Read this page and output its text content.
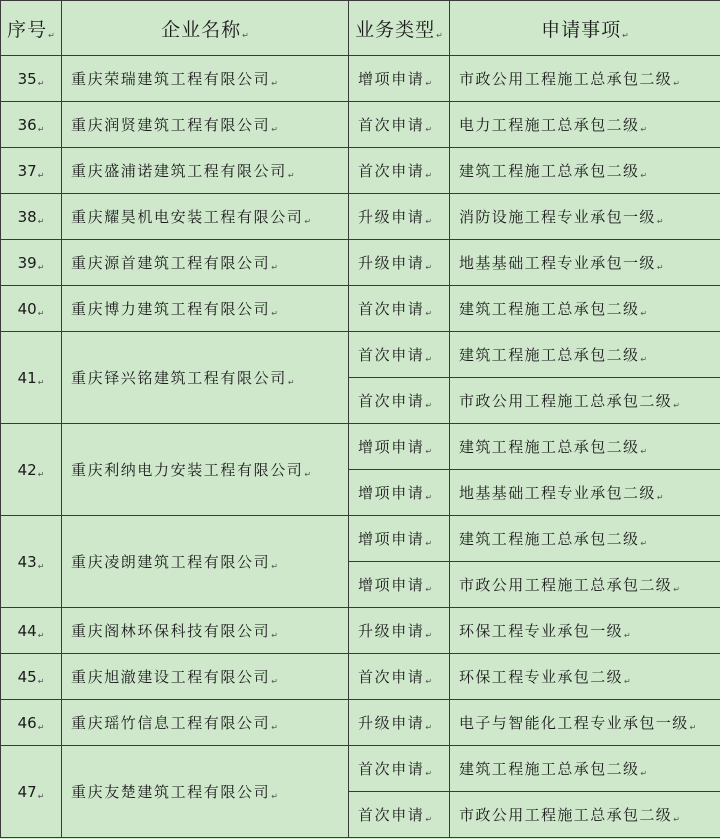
序号↵	企业名称↵	业务类型↵	申请事项↵
35↵	重庆荣瑞建筑工程有限公司↵	增项申请↵	市政公用工程施工总承包二级↵
36↵	重庆润贤建筑工程有限公司↵	首次申请↵	电力工程施工总承包二级↵
37↵	重庆盛浦诺建筑工程有限公司↵	首次申请↵	建筑工程施工总承包二级↵
38↵	重庆耀昊机电安装工程有限公司↵	升级申请↵	消防设施工程专业承包一级↵
39↵	重庆源首建筑工程有限公司↵	升级申请↵	地基基础工程专业承包一级↵
40↵	重庆博力建筑工程有限公司↵	首次申请↵	建筑工程施工总承包二级↵
41↵	重庆铎兴铭建筑工程有限公司↵	首次申请↵	建筑工程施工总承包二级↵
		首次申请↵	市政公用工程施工总承包二级↵
42↵	重庆利纳电力安装工程有限公司↵	增项申请↵	建筑工程施工总承包二级↵
		增项申请↵	地基基础工程专业承包二级↵
43↵	重庆凌朗建筑工程有限公司↵	增项申请↵	建筑工程施工总承包二级↵
		增项申请↵	市政公用工程施工总承包二级↵
44↵	重庆阁林环保科技有限公司↵	升级申请↵	环保工程专业承包一级↵
45↵	重庆旭澈建设工程有限公司↵	首次申请↵	环保工程专业承包二级↵
46↵	重庆瑶竹信息工程有限公司↵	升级申请↵	电子与智能化工程专业承包一级↵
47↵	重庆友楚建筑工程有限公司↵	首次申请↵	建筑工程施工总承包二级↵
		首次申请↵	市政公用工程施工总承包二级↵
